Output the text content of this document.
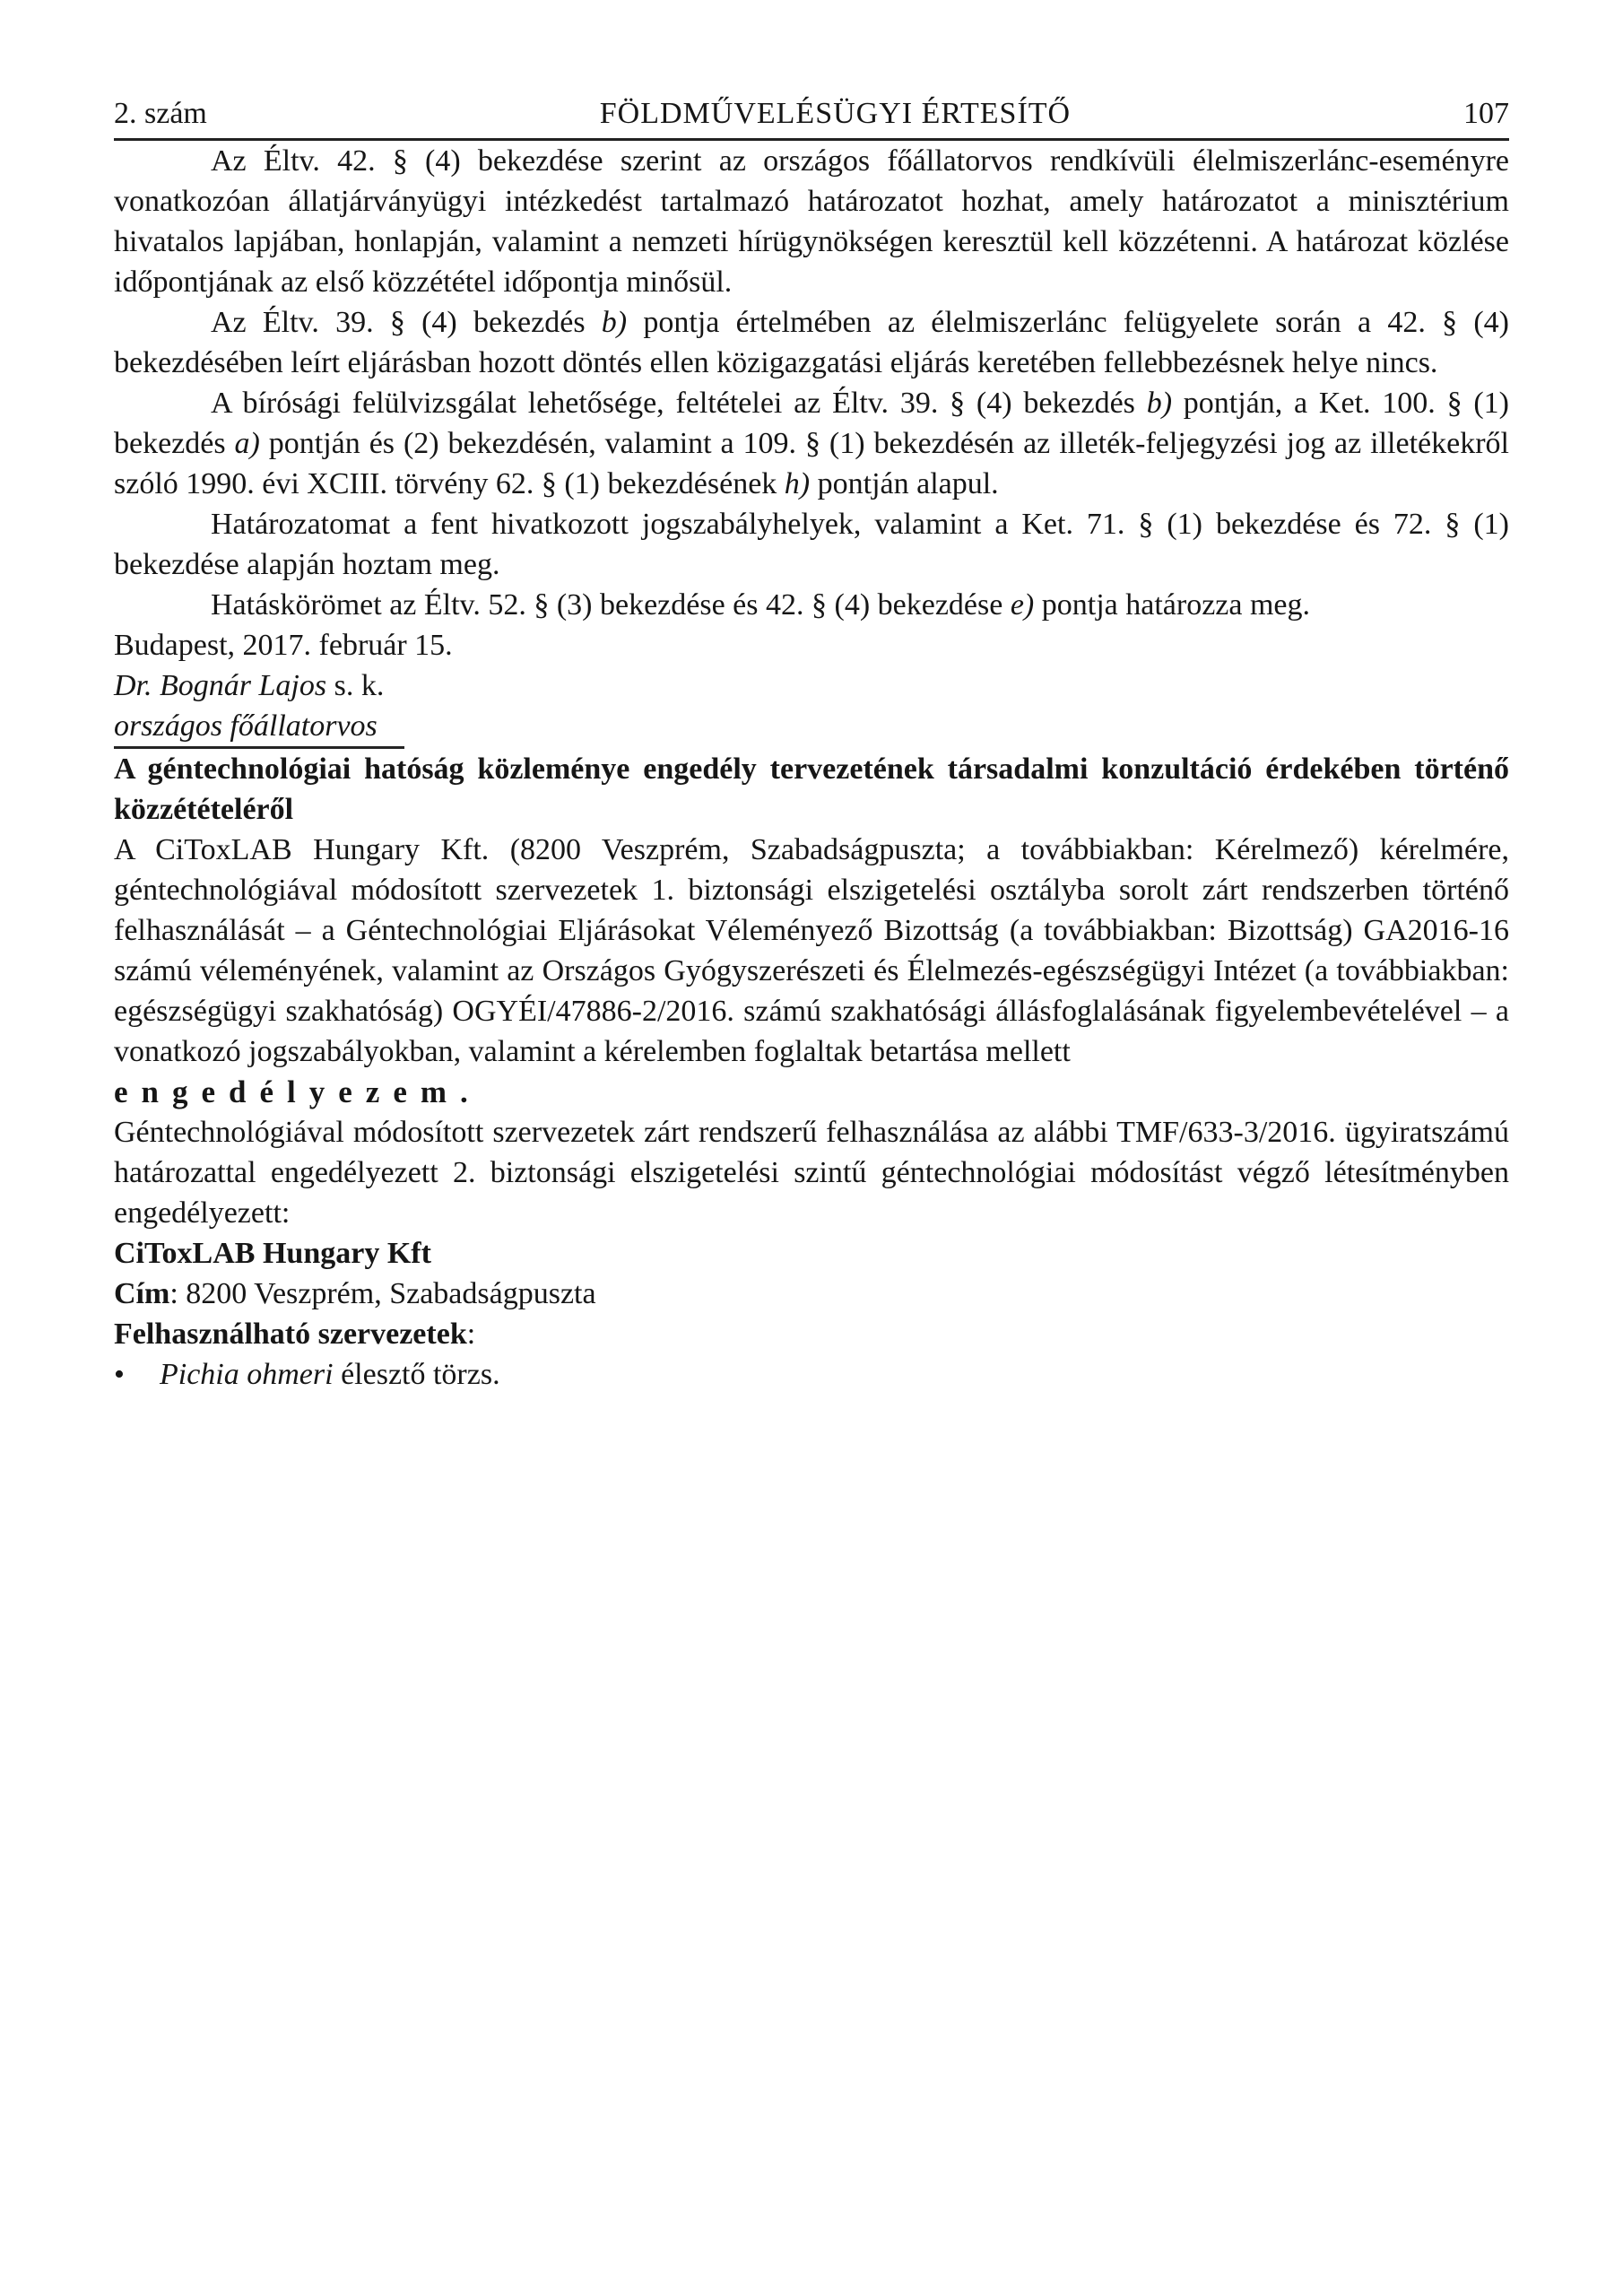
2. szám	FÖLDMŰVELÉSÜGYI ÉRTESÍTŐ	107

Az Éltv. 42. § (4) bekezdése szerint az országos főállatorvos rendkívüli élelmiszerlánc-eseményre vonatkozóan állatjárványügyi intézkedést tartalmazó határozatot hozhat, amely határozatot a minisztérium hivatalos lapjában, honlapján, valamint a nemzeti hírügynökségen keresztül kell közzétenni. A határozat közlése időpontjának az első közzététel időpontja minősül.

Az Éltv. 39. § (4) bekezdés b) pontja értelmében az élelmiszerlánc felügyelete során a 42. § (4) bekezdésében leírt eljárásban hozott döntés ellen közigazgatási eljárás keretében fellebbezésnek helye nincs.

A bírósági felülvizsgálat lehetősége, feltételei az Éltv. 39. § (4) bekezdés b) pontján, a Ket. 100. § (1) bekezdés a) pontján és (2) bekezdésén, valamint a 109. § (1) bekezdésén az illeték-feljegyzési jog az illetékekről szóló 1990. évi XCIII. törvény 62. § (1) bekezdésének h) pontján alapul.

Határozatomat a fent hivatkozott jogszabályhelyek, valamint a Ket. 71. § (1) bekezdése és 72. § (1) bekezdése alapján hoztam meg.

Hatáskörömet az Éltv. 52. § (3) bekezdése és 42. § (4) bekezdése e) pontja határozza meg.

Budapest, 2017. február 15.

Dr. Bognár Lajos s. k.

országos főállatorvos

A géntechnológiai hatóság közleménye engedély tervezetének társadalmi konzultáció érdekében történő közzétételéről

A CiToxLAB Hungary Kft. (8200 Veszprém, Szabadságpuszta; a továbbiakban: Kérelmező) kérelmére, géntechnológiával módosított szervezetek 1. biztonsági elszigetelési osztályba sorolt zárt rendszerben történő felhasználását – a Géntechnológiai Eljárásokat Véleményező Bizottság (a továbbiakban: Bizottság) GA2016-16 számú véleményének, valamint az Országos Gyógyszerészeti és Élelmezés-egészségügyi Intézet (a továbbiakban: egészségügyi szakhatóság) OGYÉI/47886-2/2016. számú szakhatósági állásfoglalásának figyelembevételével – a vonatkozó jogszabályokban, valamint a kérelemben foglaltak betartása mellett

engedélyezem.

Géntechnológiával módosított szervezetek zárt rendszerű felhasználása az alábbi TMF/633-3/2016. ügyiratszámú határozattal engedélyezett 2. biztonsági elszigetelési szintű géntechnológiai módosítást végző létesítményben engedélyezett:

CiToxLAB Hungary Kft

Cím: 8200 Veszprém, Szabadságpuszta

Felhasználható szervezetek:

• Pichia ohmeri élesztő törzs.
